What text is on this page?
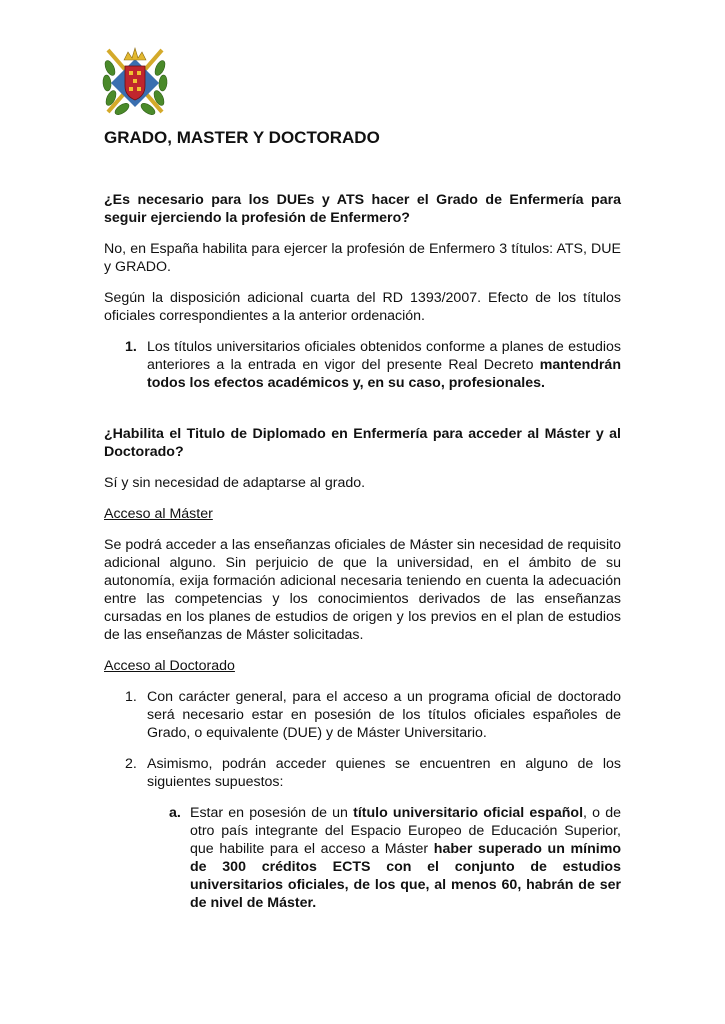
GRADO, MASTER Y DOCTORADO

¿Es necesario para los DUEs y ATS hacer el Grado de Enfermería para seguir ejerciendo la profesión de Enfermero?

No, en España habilita para ejercer la profesión de Enfermero 3 títulos: ATS, DUE y GRADO.

Según la disposición adicional cuarta del RD 1393/2007. Efecto de los títulos oficiales correspondientes a la anterior ordenación.

1. Los títulos universitarios oficiales obtenidos conforme a planes de estudios anteriores a la entrada en vigor del presente Real Decreto mantendrán todos los efectos académicos y, en su caso, profesionales.

¿Habilita el Titulo de Diplomado en Enfermería para acceder al Máster y al Doctorado?

Sí y sin necesidad de adaptarse al grado.

Acceso al Máster

Se podrá acceder a las enseñanzas oficiales de Máster sin necesidad de requisito adicional alguno. Sin perjuicio de que la universidad, en el ámbito de su autonomía, exija formación adicional necesaria teniendo en cuenta la adecuación entre las competencias y los conocimientos derivados de las enseñanzas cursadas en los planes de estudios de origen y los previos en el plan de estudios de las enseñanzas de Máster solicitadas.

Acceso al Doctorado
1. Con carácter general, para el acceso a un programa oficial de doctorado será necesario estar en posesión de los títulos oficiales españoles de Grado, o equivalente (DUE) y de Máster Universitario.
2. Asimismo, podrán acceder quienes se encuentren en alguno de los siguientes supuestos:
a. Estar en posesión de un título universitario oficial español, o de otro país integrante del Espacio Europeo de Educación Superior, que habilite para el acceso a Máster haber superado un mínimo de 300 créditos ECTS con el conjunto de estudios universitarios oficiales, de los que, al menos 60, habrán de ser de nivel de Máster.
